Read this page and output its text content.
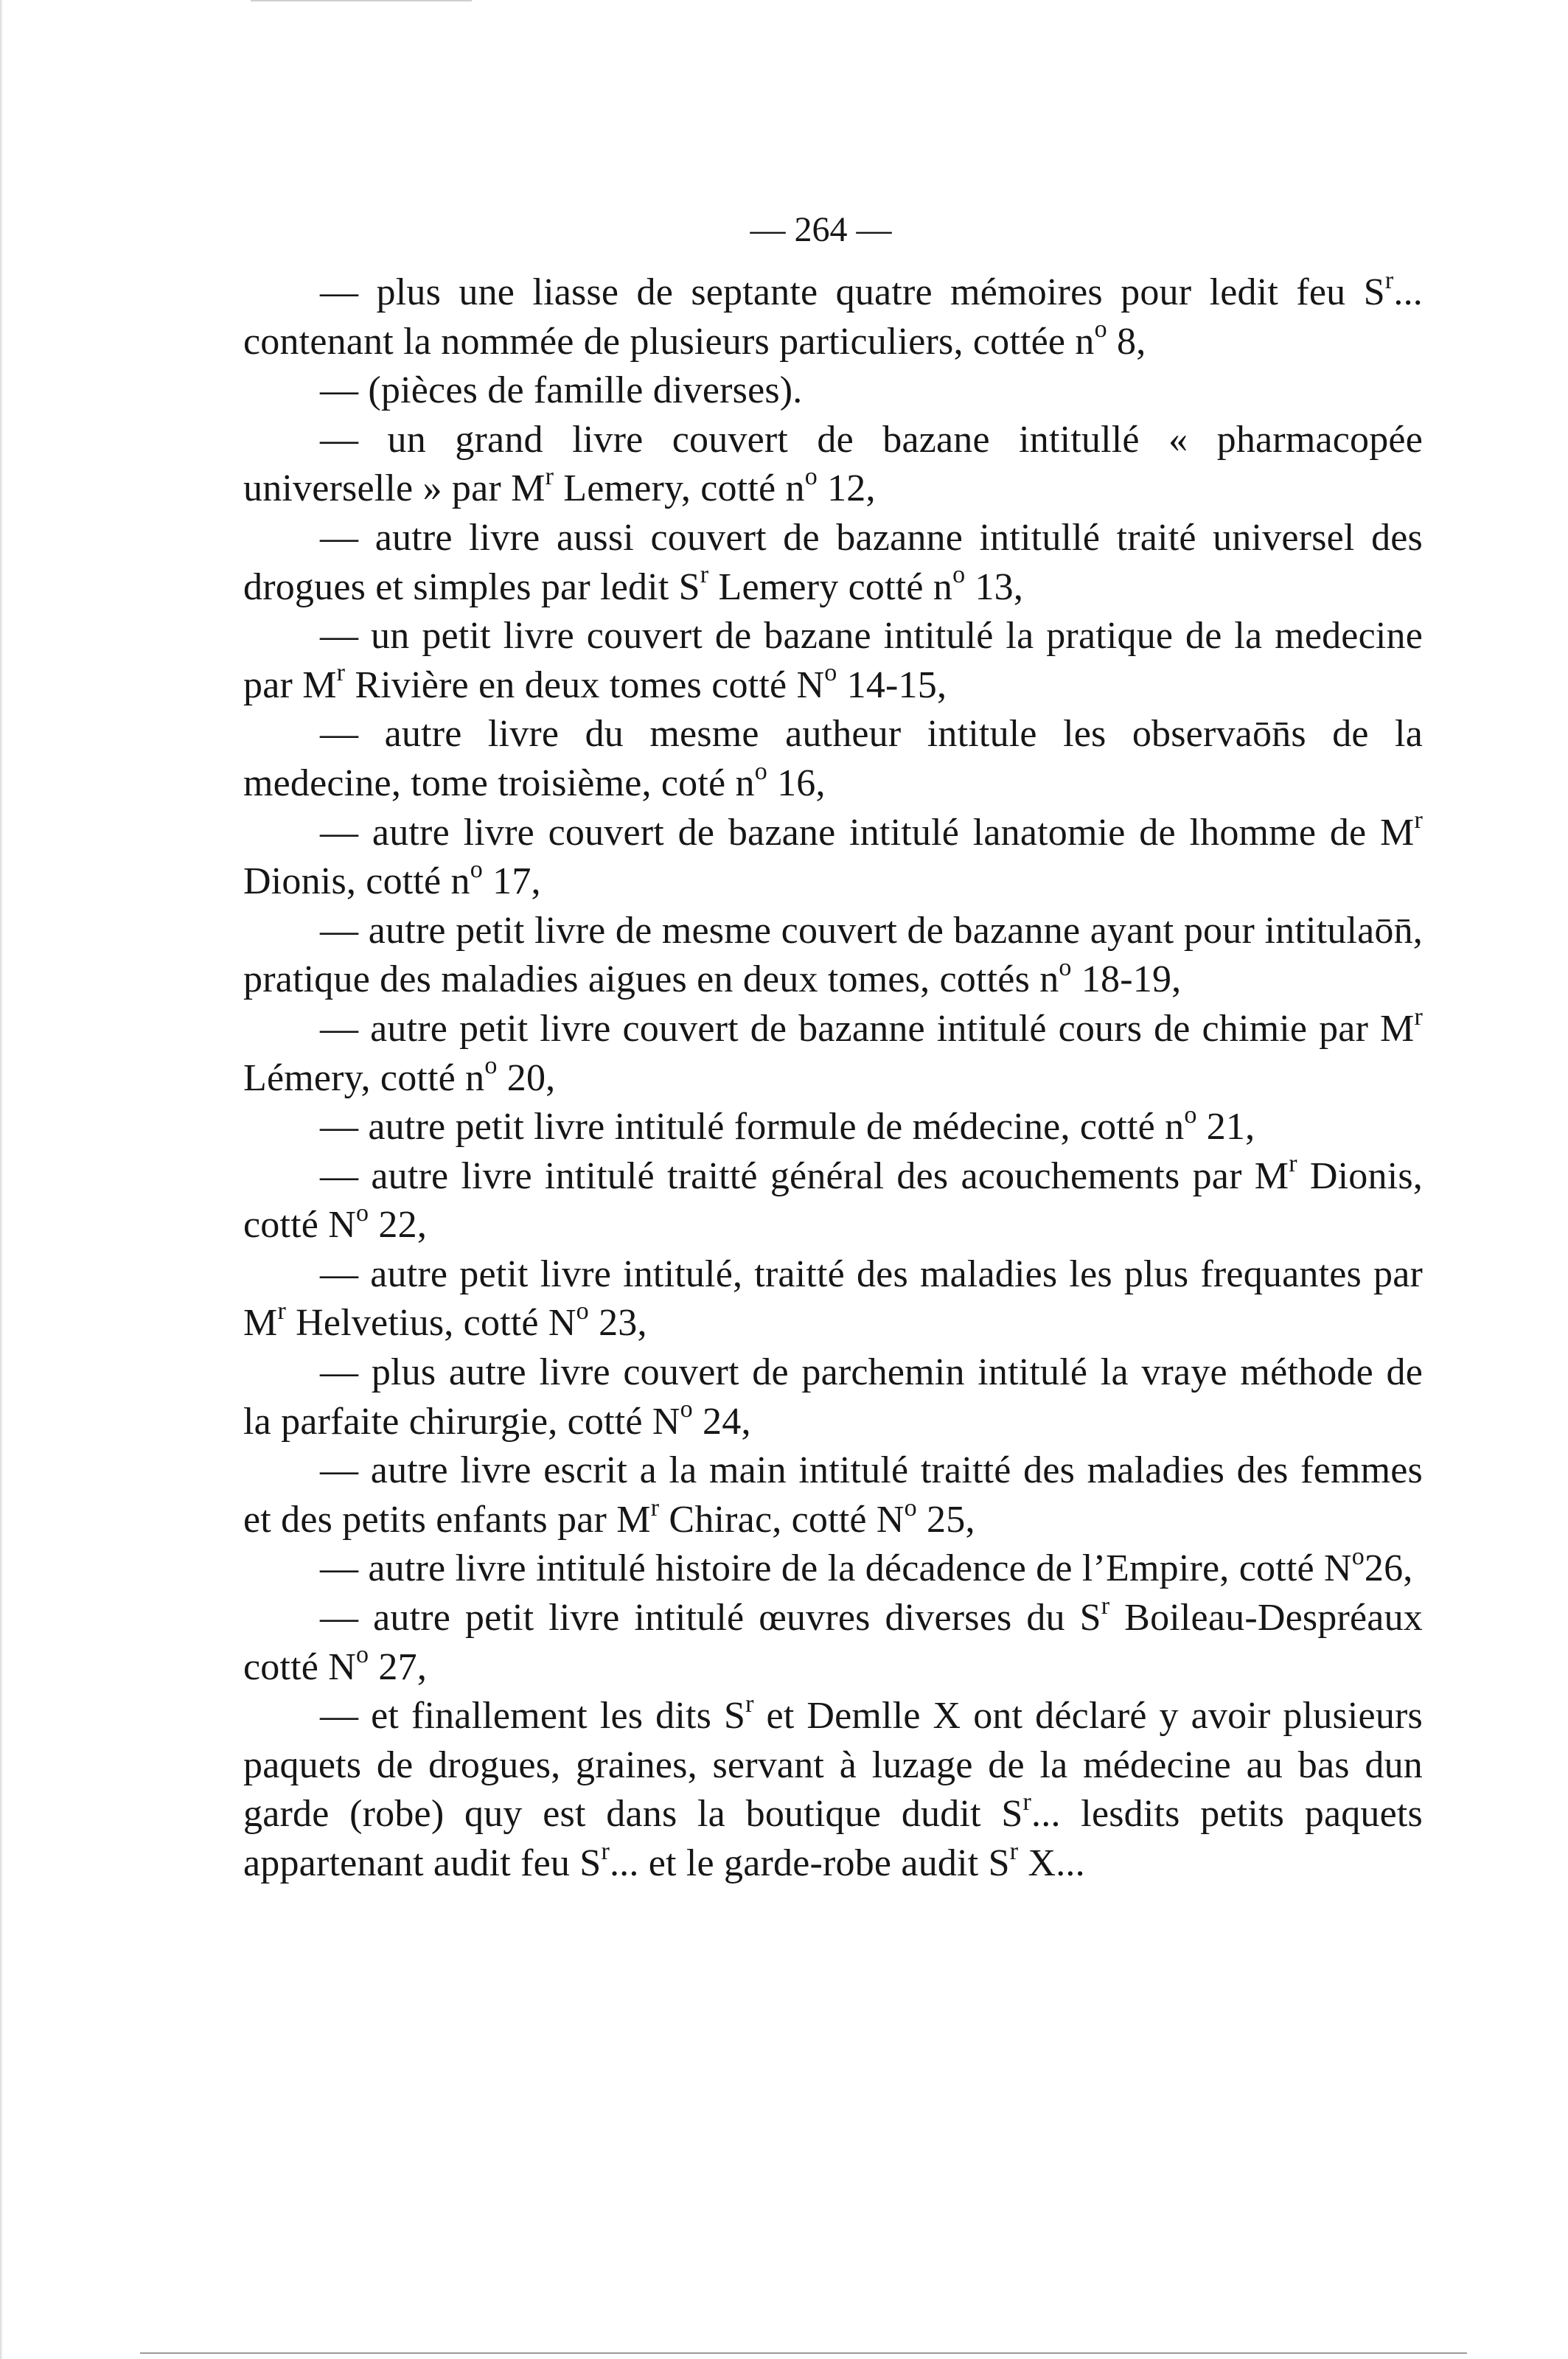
— 264 —

— plus une liasse de septante quatre mémoires pour ledit feu $S^r$... contenant la nommée de plusieurs particuliers, cottée $n^o$ 8,

— (pièces de famille diverses).

— un grand livre couvert de bazane intitullé « pharmacopée universelle » par $M^r$ Lemery, cotté $n^o$ 12,

— autre livre aussi couvert de bazanne intitullé traité universel des drogues et simples par ledit $S^r$ Lemery cotté $n^o$ 13,

— un petit livre couvert de bazane intitulé la pratique de la medecine par $M^r$ Rivière en deux tomes cotté $N^o$ 14-15,

— autre livre du mesme autheur intitule les observaōn̄s de la medecine, tome troisième, coté $n^o$ 16,

— autre livre couvert de bazane intitulé lanatomie de lhomme de $M^r$ Dionis, cotté $n^o$ 17,

— autre petit livre de mesme couvert de bazanne ayant pour intitulaōn̄, pratique des maladies aigues en deux tomes, cottés $n^o$ 18-19,

— autre petit livre couvert de bazanne intitulé cours de chimie par $M^r$ Lémery, cotté $n^o$ 20,

— autre petit livre intitulé formule de médecine, cotté $n^o$ 21,

— autre livre intitulé traitté général des acouchements par $M^r$ Dionis, cotté $N^o$ 22,

— autre petit livre intitulé, traitté des maladies les plus frequantes par $M^r$ Helvetius, cotté $N^o$ 23,

— plus autre livre couvert de parchemin intitulé la vraye méthode de la parfaite chirurgie, cotté $N^o$ 24,

— autre livre escrit a la main intitulé traitté des maladies des femmes et des petits enfants par $M^r$ Chirac, cotté $N^o$ 25,

— autre livre intitulé histoire de la décadence de l’Empire, cotté $N^o26$,

— autre petit livre intitulé œuvres diverses du $S^r$ Boileau-Despréaux cotté $N^o$ 27,

— et finallement les dits $S^r$ et Demlle X ont déclaré y avoir plusieurs paquets de drogues, graines, servant à luzage de la médecine au bas dun garde (robe) quy est dans la boutique dudit $S^r$... lesdits petits paquets appartenant audit feu $S^r$... et le garde-robe audit $S^r$ X...
